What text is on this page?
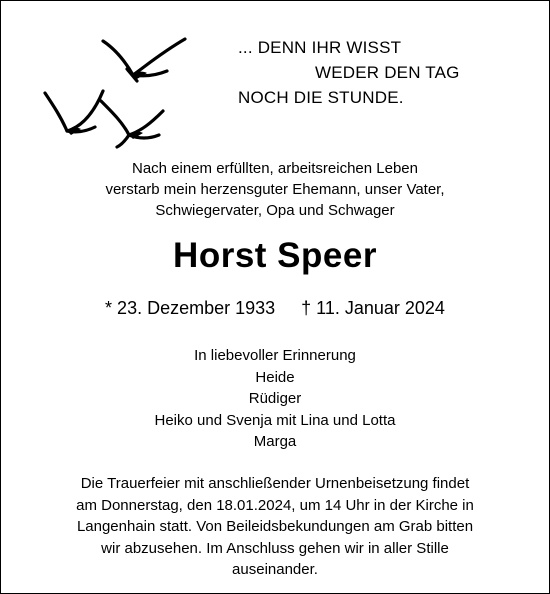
... DENN IHR WISST
WEDER DEN TAG
NOCH DIE STUNDE.
Nach einem erfüllten, arbeitsreichen Leben
verstarb mein herzensguter Ehemann, unser Vater,
Schwiegervater, Opa und Schwager
Horst Speer
* 23. Dezember 1933 † 11. Januar 2024
In liebevoller Erinnerung
Heide
Rüdiger
Heiko und Svenja mit Lina und Lotta
Marga
Die Trauerfeier mit anschließender Urnenbeisetzung findet
am Donnerstag, den 18.01.2024, um 14 Uhr in der Kirche in
Langenhain statt. Von Beileidsbekundungen am Grab bitten
wir abzusehen. Im Anschluss gehen wir in aller Stille
auseinander.
